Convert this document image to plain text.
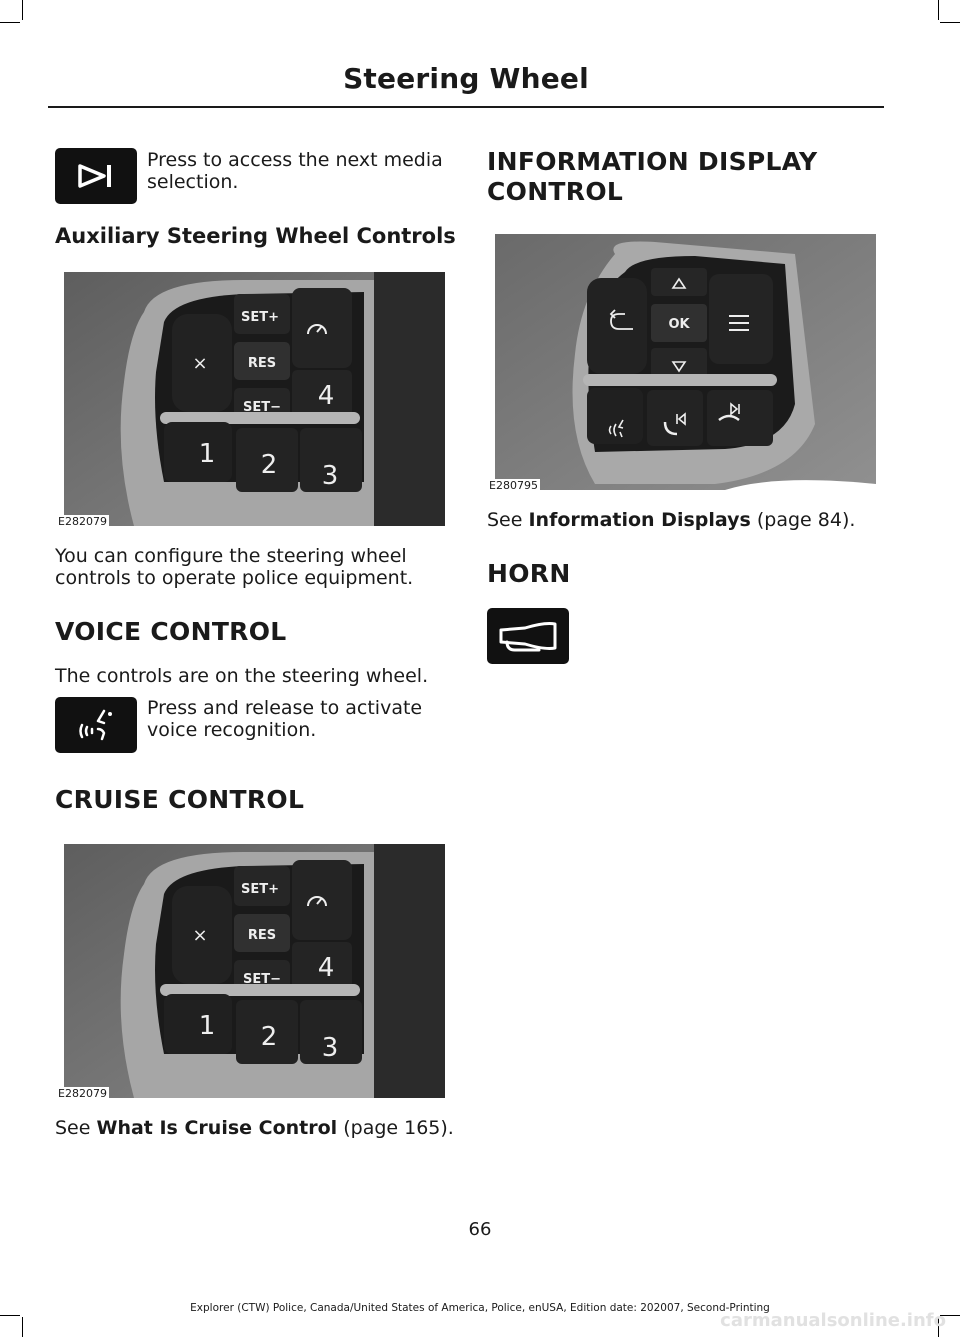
Steering Wheel
Press to access the next media selection.
Auxiliary Steering Wheel Controls
SET+
RES
SET−
×
4
1 2 3
E282079
You can configure the steering wheel controls to operate police equipment.
VOICE CONTROL
The controls are on the steering wheel.
Press and release to activate voice recognition.
CRUISE CONTROL
SET+
RES
SET−
×
4
1 2 3
E282079
See What Is Cruise Control (page 165).
INFORMATION DISPLAY CONTROL
OK
E280795
See Information Displays (page 84).
HORN
66
Explorer (CTW) Police, Canada/United States of America, Police, enUSA, Edition date: 202007, Second-Printing
carmanualsonline.info
